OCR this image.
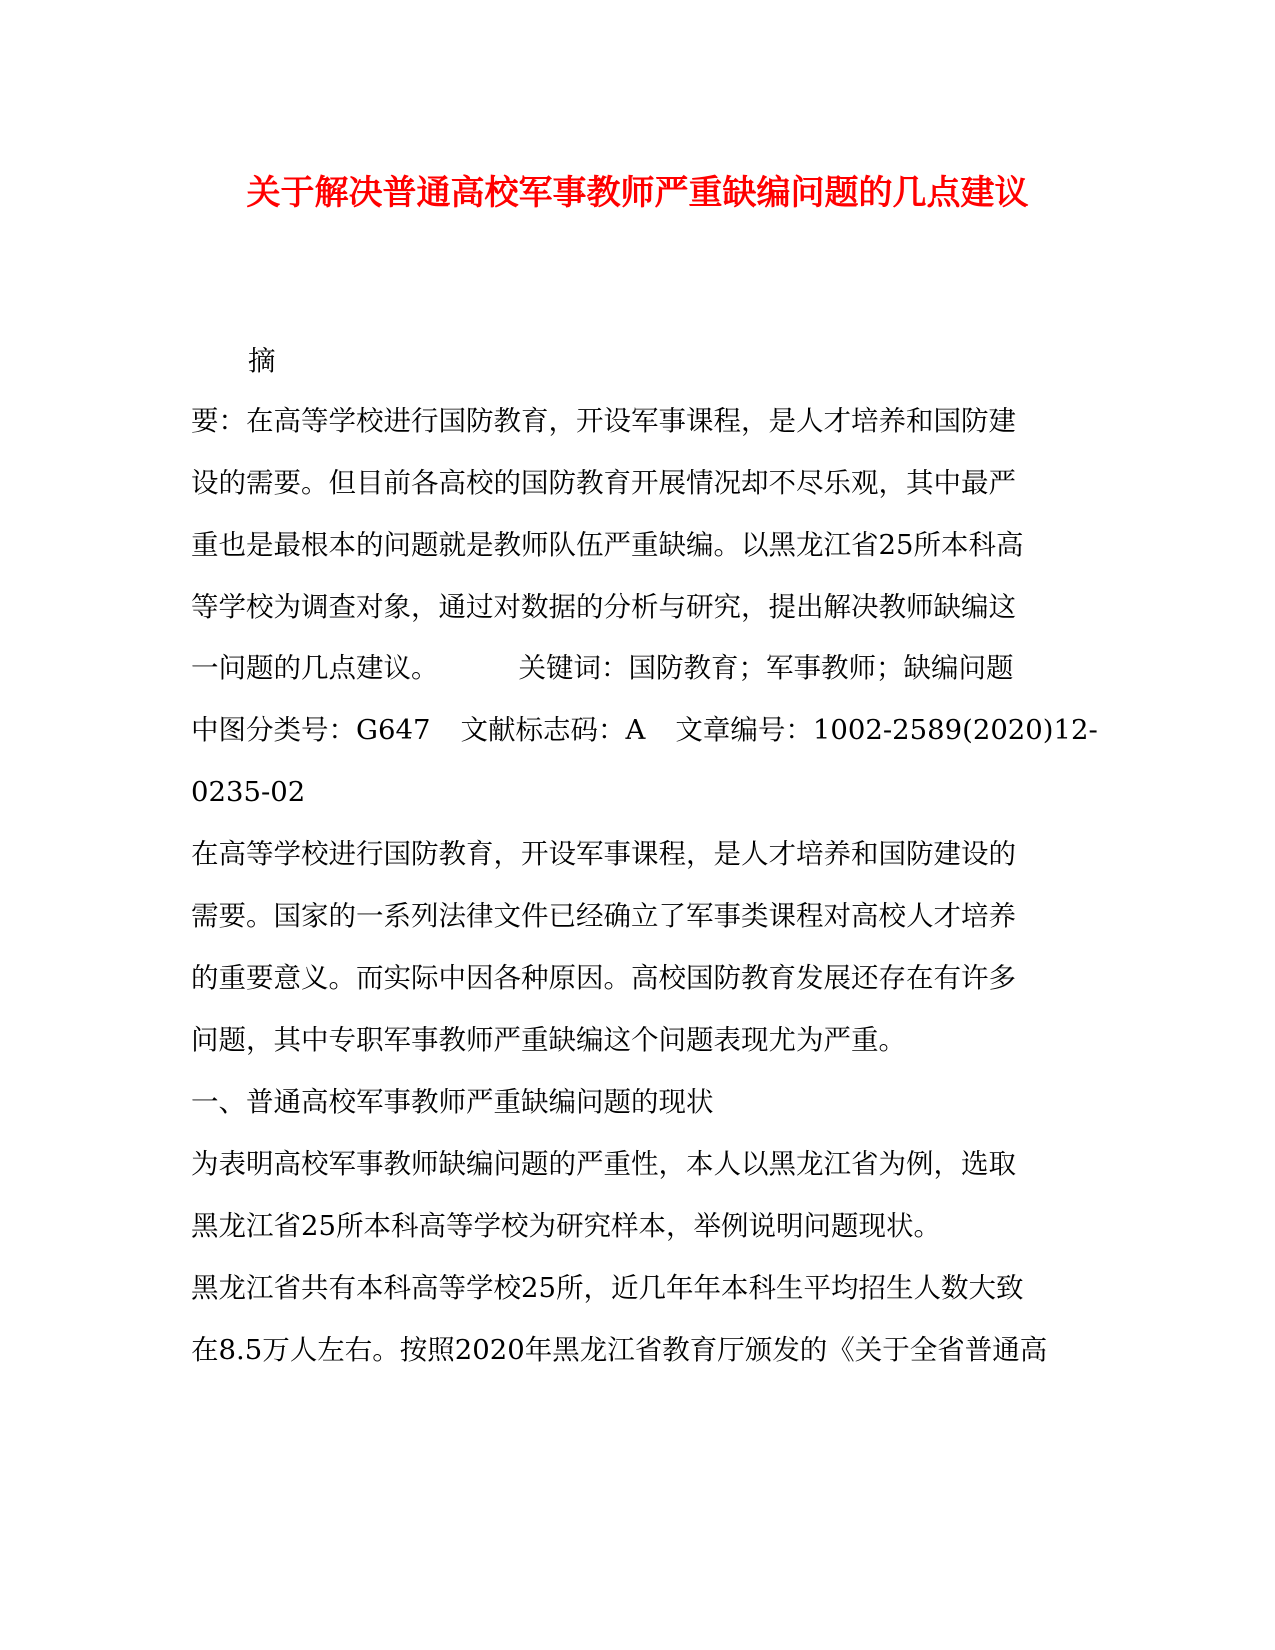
关于解决普通高校军事教师严重缺编问题的几点建议
摘
要：在高等学校进行国防教育，开设军事课程，是人才培养和国防建
设的需要。但目前各高校的国防教育开展情况却不尽乐观，其中最严
重也是最根本的问题就是教师队伍严重缺编。以黑龙江省25所本科高
等学校为调查对象，通过对数据的分析与研究，提出解决教师缺编这
一问题的几点建议。	关键词：国防教育；军事教师；缺编问题
中图分类号：G647 文献标志码：A 文章编号：1002-2589(2020)12-
0235-02
在高等学校进行国防教育，开设军事课程，是人才培养和国防建设的
需要。国家的一系列法律文件已经确立了军事类课程对高校人才培养
的重要意义。而实际中因各种原因。高校国防教育发展还存在有许多
问题，其中专职军事教师严重缺编这个问题表现尤为严重。
一、普通高校军事教师严重缺编问题的现状
为表明高校军事教师缺编问题的严重性，本人以黑龙江省为例，选取
黑龙江省25所本科高等学校为研究样本，举例说明问题现状。
黑龙江省共有本科高等学校25所，近几年年本科生平均招生人数大致
在8.5万人左右。按照2020年黑龙江省教育厅颁发的《关于全省普通高
